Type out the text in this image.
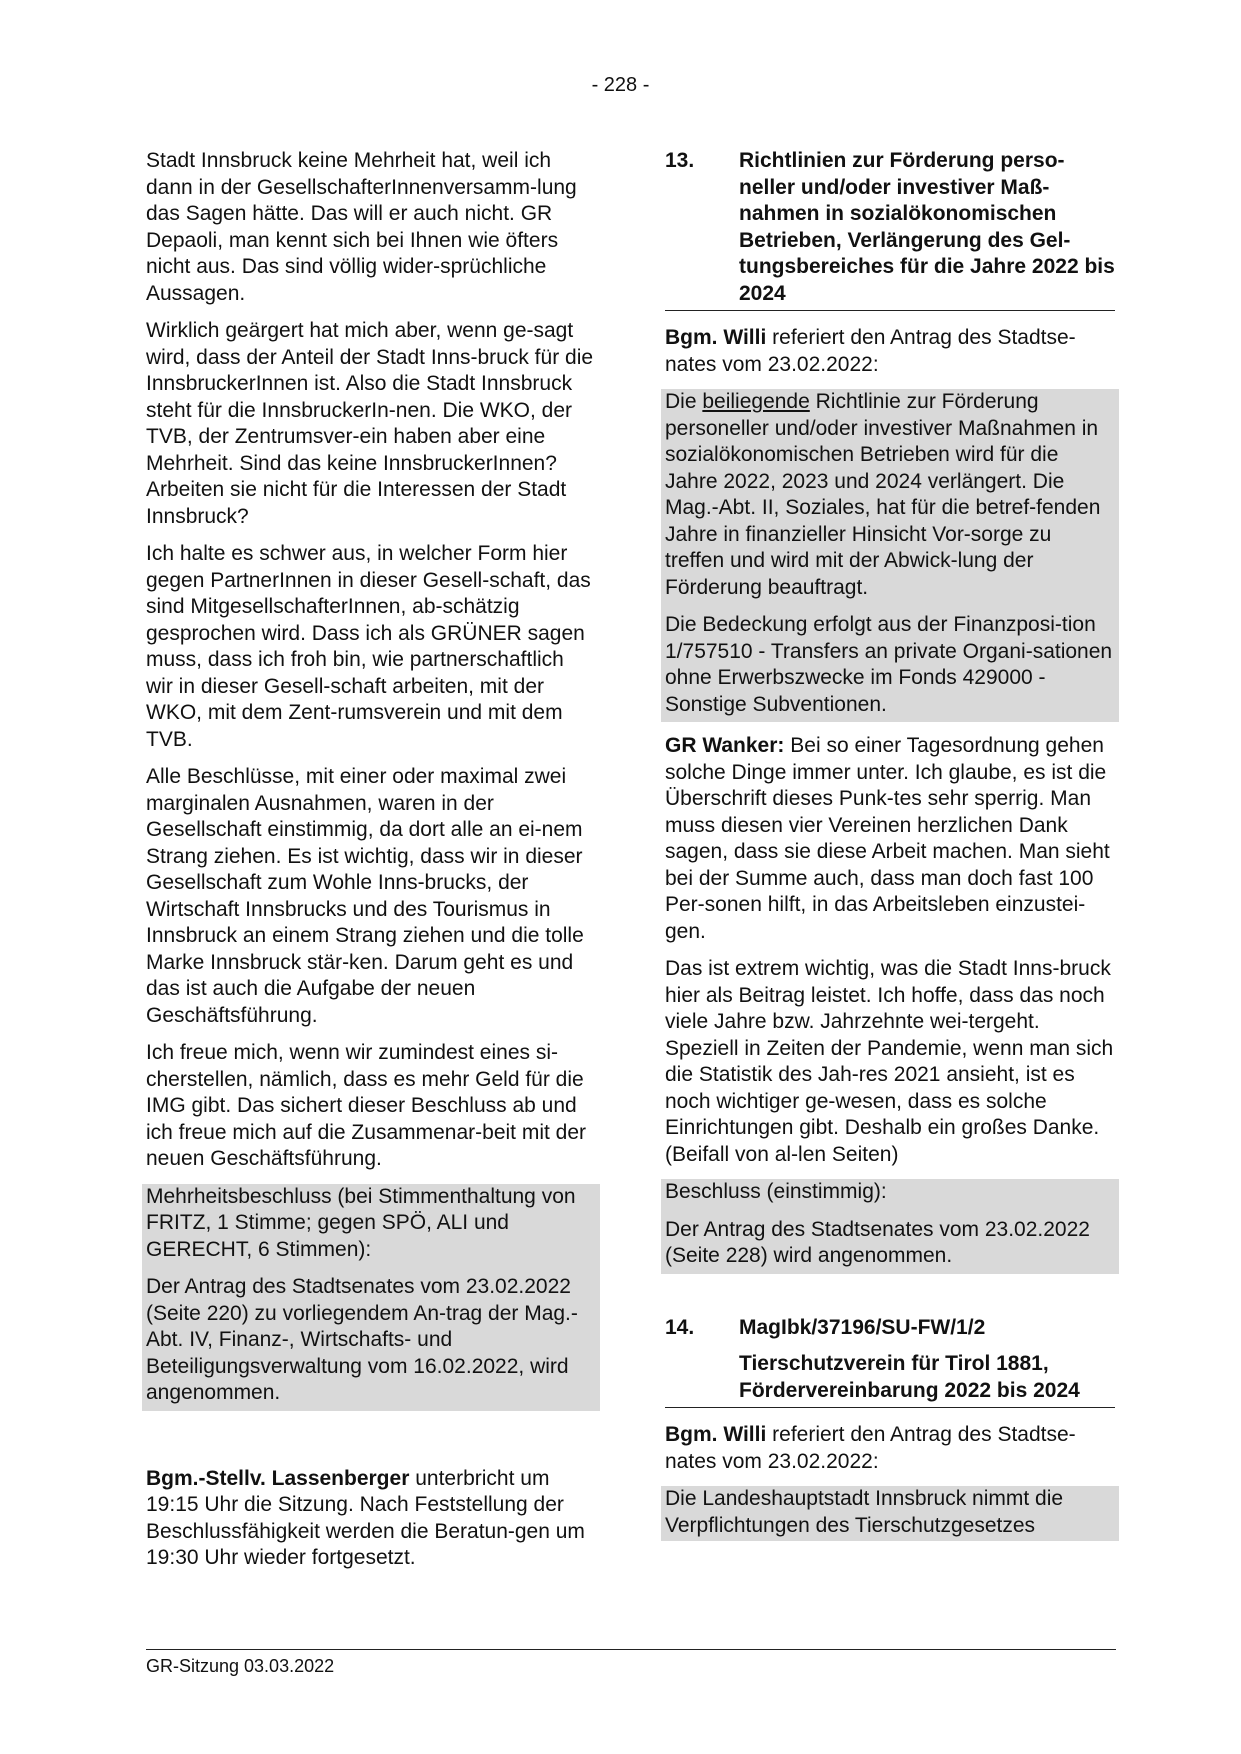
- 228 -

Stadt Innsbruck keine Mehrheit hat, weil ich dann in der GesellschafterInnenversamm-lung das Sagen hätte. Das will er auch nicht. GR Depaoli, man kennt sich bei Ihnen wie öfters nicht aus. Das sind völlig wider-sprüchliche Aussagen.

Wirklich geärgert hat mich aber, wenn ge-sagt wird, dass der Anteil der Stadt Inns-bruck für die InnsbruckerInnen ist. Also die Stadt Innsbruck steht für die InnsbruckerIn-nen. Die WKO, der TVB, der Zentrumsver-ein haben aber eine Mehrheit. Sind das keine InnsbruckerInnen? Arbeiten sie nicht für die Interessen der Stadt Innsbruck?

Ich halte es schwer aus, in welcher Form hier gegen PartnerInnen in dieser Gesell-schaft, das sind MitgesellschafterInnen, ab-schätzig gesprochen wird. Dass ich als GRÜNER sagen muss, dass ich froh bin, wie partnerschaftlich wir in dieser Gesell-schaft arbeiten, mit der WKO, mit dem Zent-rumsverein und mit dem TVB.

Alle Beschlüsse, mit einer oder maximal zwei marginalen Ausnahmen, waren in der Gesellschaft einstimmig, da dort alle an ei-nem Strang ziehen. Es ist wichtig, dass wir in dieser Gesellschaft zum Wohle Inns-brucks, der Wirtschaft Innsbrucks und des Tourismus in Innsbruck an einem Strang ziehen und die tolle Marke Innsbruck stär-ken. Darum geht es und das ist auch die Aufgabe der neuen Geschäftsführung.

Ich freue mich, wenn wir zumindest eines si-cherstellen, nämlich, dass es mehr Geld für die IMG gibt. Das sichert dieser Beschluss ab und ich freue mich auf die Zusammenar-beit mit der neuen Geschäftsführung.

Mehrheitsbeschluss (bei Stimmenthaltung von FRITZ, 1 Stimme; gegen SPÖ, ALI und GERECHT, 6 Stimmen):

Der Antrag des Stadtsenates vom 23.02.2022 (Seite 220) zu vorliegendem An-trag der Mag.-Abt. IV, Finanz-, Wirtschafts- und Beteiligungsverwaltung vom 16.02.2022, wird angenommen.

Bgm.-Stellv. Lassenberger unterbricht um 19:15 Uhr die Sitzung. Nach Feststellung der Beschlussfähigkeit werden die Beratun-gen um 19:30 Uhr wieder fortgesetzt.

13.	Richtlinien zur Förderung perso-neller und/oder investiver Maß-nahmen in sozialökonomischen Betrieben, Verlängerung des Gel-tungsbereiches für die Jahre 2022 bis 2024

Bgm. Willi referiert den Antrag des Stadtse-nates vom 23.02.2022:

Die beiliegende Richtlinie zur Förderung personeller und/oder investiver Maßnahmen in sozialökonomischen Betrieben wird für die Jahre 2022, 2023 und 2024 verlängert. Die Mag.-Abt. II, Soziales, hat für die betref-fenden Jahre in finanzieller Hinsicht Vor-sorge zu treffen und wird mit der Abwick-lung der Förderung beauftragt.

Die Bedeckung erfolgt aus der Finanzposi-tion 1/757510 - Transfers an private Organi-sationen ohne Erwerbszwecke im Fonds 429000 - Sonstige Subventionen.

GR Wanker: Bei so einer Tagesordnung gehen solche Dinge immer unter. Ich glaube, es ist die Überschrift dieses Punk-tes sehr sperrig. Man muss diesen vier Vereinen herzlichen Dank sagen, dass sie diese Arbeit machen. Man sieht bei der Summe auch, dass man doch fast 100 Per-sonen hilft, in das Arbeitsleben einzustei-gen.

Das ist extrem wichtig, was die Stadt Inns-bruck hier als Beitrag leistet. Ich hoffe, dass das noch viele Jahre bzw. Jahrzehnte wei-tergeht. Speziell in Zeiten der Pandemie, wenn man sich die Statistik des Jah-res 2021 ansieht, ist es noch wichtiger ge-wesen, dass es solche Einrichtungen gibt. Deshalb ein großes Danke. (Beifall von al-len Seiten)

Beschluss (einstimmig):

Der Antrag des Stadtsenates vom 23.02.2022 (Seite 228) wird angenommen.

14.	MagIbk/37196/SU-FW/1/2
Tierschutzverein für Tirol 1881, Fördervereinbarung 2022 bis 2024

Bgm. Willi referiert den Antrag des Stadtse-nates vom 23.02.2022:

Die Landeshauptstadt Innsbruck nimmt die Verpflichtungen des Tierschutzgesetzes

GR-Sitzung 03.03.2022
